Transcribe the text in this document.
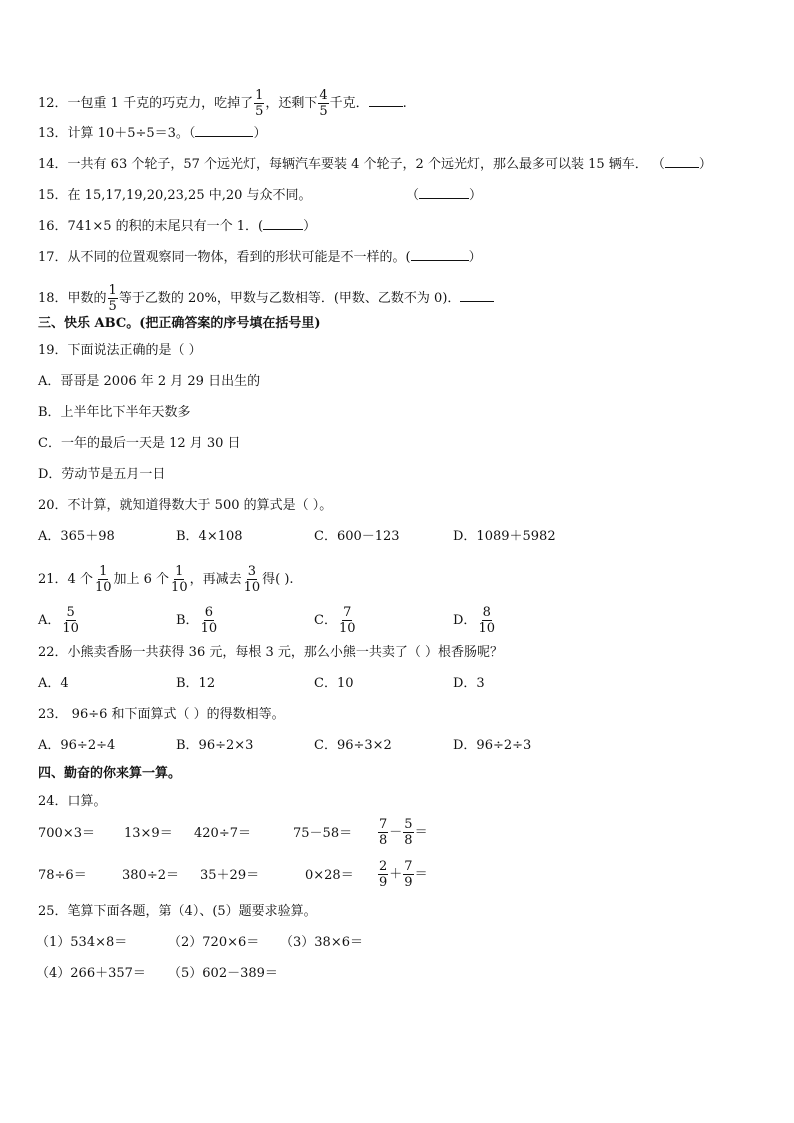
12．一包重 1 千克的巧克力，吃掉了 $\frac{1}{5}$ ，还剩下 $\frac{4}{5}$ 千克．	.
13．计算 10＋5÷5＝3。（	）
14．一共有 63 个轮子，57 个远光灯，每辆汽车要装 4 个轮子，2 个远光灯，那么最多可以装 15 辆车． （	）
15．在 15,17,19,20,23,25 中,20 与众不同。	（	）
16．741×5 的积的末尾只有一个 1．(	）
17．从不同的位置观察同一物体，看到的形状可能是不一样的。(	）
18．甲数的 $\frac{1}{5}$ 等于乙数的 20%，甲数与乙数相等．(甲数、乙数不为 0)．
三、快乐 ABC。(把正确答案的序号填在括号里)
19．下面说法正确的是（ ）
A．哥哥是 2006 年 2 月 29 日出生的
B．上半年比下半年天数多
C．一年的最后一天是 12 月 30 日
D．劳动节是五月一日
20．不计算，就知道得数大于 500 的算式是（ ）。
A．365＋98	B．4×108	C．600－123	D．1089＋5982
21．4 个 $\frac{1}{10}$ 加上 6 个 $\frac{1}{10}$ ，再减去 $\frac{3}{10}$ 得( ).
A． $\frac{5}{10}$	B． $\frac{6}{10}$	C． $\frac{7}{10}$	D． $\frac{8}{10}$
22．小熊卖香肠一共获得 36 元，每根 3 元，那么小熊一共卖了（ ）根香肠呢？
A．4	B．12	C．10	D．3
23． 96÷6 和下面算式（ ）的得数相等。
A．96÷2÷4	B．96÷2×3	C．96÷3×2	D．96÷2÷3
四、勤奋的你来算一算。
24．口算。
700×3＝ 13×9＝ 420÷7＝	$75-58= \frac{7}{8} - \frac{5}{8}$ ＝
78÷6＝	380÷2＝ 35＋29＝	$0\times 28= \frac{2}{9} + \frac{7}{9}$ ＝
25．笔算下面各题，第（4）、(5）题要求验算。
（1）534×8＝	（2）720×6＝ （3）38×6＝
（4）266＋357＝ （5）602－389＝
